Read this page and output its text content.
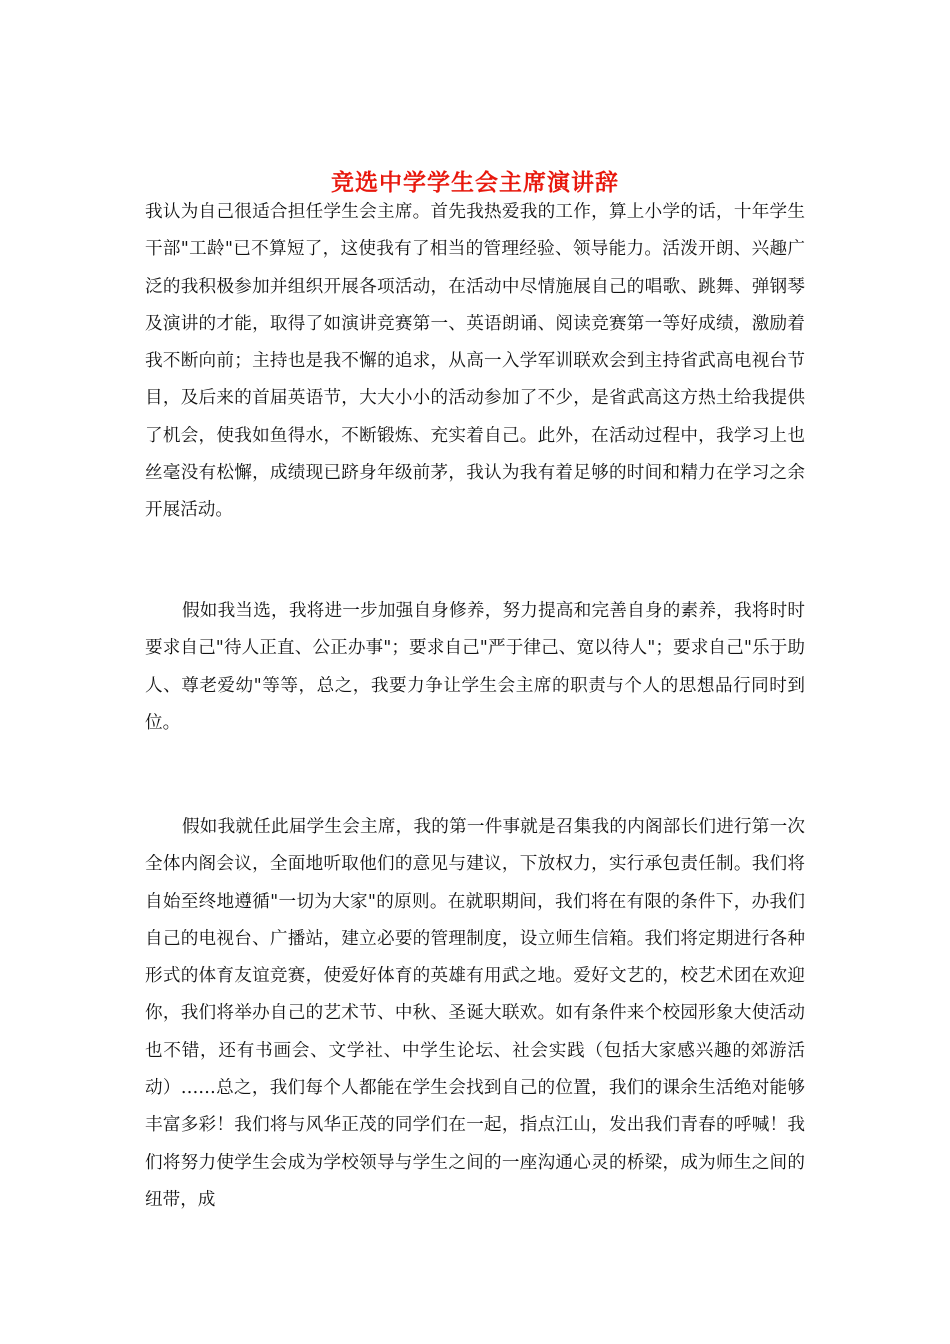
竞选中学学生会主席演讲辞

我认为自己很适合担任学生会主席。首先我热爱我的工作，算上小学的话，十年学生干部"工龄"已不算短了，这使我有了相当的管理经验、领导能力。活泼开朗、兴趣广泛的我积极参加并组织开展各项活动，在活动中尽情施展自己的唱歌、跳舞、弹钢琴及演讲的才能，取得了如演讲竞赛第一、英语朗诵、阅读竞赛第一等好成绩，激励着我不断向前；主持也是我不懈的追求，从高一入学军训联欢会到主持省武高电视台节目，及后来的首届英语节，大大小小的活动参加了不少，是省武高这方热土给我提供了机会，使我如鱼得水，不断锻炼、充实着自己。此外，在活动过程中，我学习上也丝毫没有松懈，成绩现已跻身年级前茅，我认为我有着足够的时间和精力在学习之余开展活动。

假如我当选，我将进一步加强自身修养，努力提高和完善自身的素养，我将时时要求自己"待人正直、公正办事"；要求自己"严于律己、宽以待人"；要求自己"乐于助人、尊老爱幼"等等，总之，我要力争让学生会主席的职责与个人的思想品行同时到位。

假如我就任此届学生会主席，我的第一件事就是召集我的内阁部长们进行第一次全体内阁会议，全面地听取他们的意见与建议，下放权力，实行承包责任制。我们将自始至终地遵循"一切为大家"的原则。在就职期间，我们将在有限的条件下，办我们自己的电视台、广播站，建立必要的管理制度，设立师生信箱。我们将定期进行各种形式的体育友谊竞赛，使爱好体育的英雄有用武之地。爱好文艺的，校艺术团在欢迎你，我们将举办自己的艺术节、中秋、圣诞大联欢。如有条件来个校园形象大使活动也不错，还有书画会、文学社、中学生论坛、社会实践（包括大家感兴趣的郊游活动）……总之，我们每个人都能在学生会找到自己的位置，我们的课余生活绝对能够丰富多彩！我们将与风华正茂的同学们在一起，指点江山，发出我们青春的呼喊！我们将努力使学生会成为学校领导与学生之间的一座沟通心灵的桥梁，成为师生之间的纽带，成
